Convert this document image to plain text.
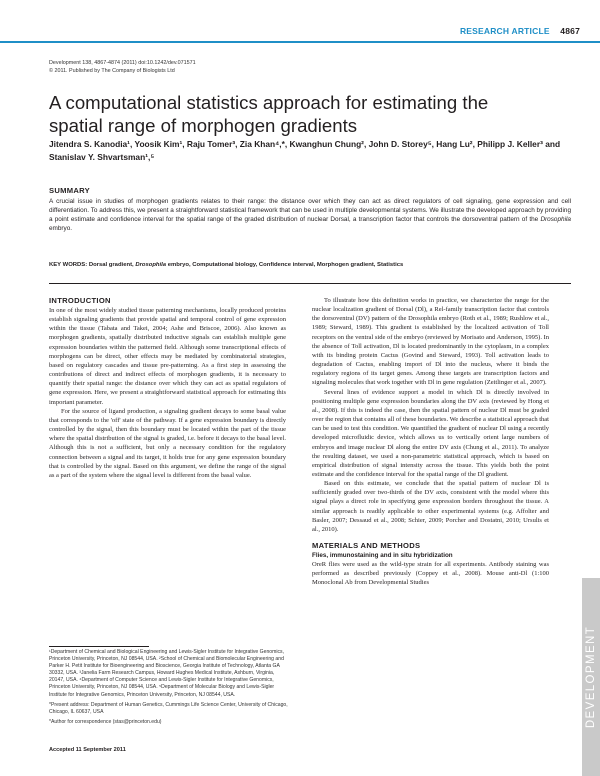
RESEARCH ARTICLE 4867
Development 138, 4867-4874 (2011) doi:10.1242/dev.071571
© 2011. Published by The Company of Biologists Ltd
A computational statistics approach for estimating the spatial range of morphogen gradients
Jitendra S. Kanodia¹, Yoosik Kim¹, Raju Tomer³, Zia Khan⁴,*, Kwanghun Chung², John D. Storey⁵, Hang Lu², Philipp J. Keller³ and Stanislav Y. Shvartsman¹,⁵
SUMMARY
A crucial issue in studies of morphogen gradients relates to their range: the distance over which they can act as direct regulators of cell signaling, gene expression and cell differentiation. To address this, we present a straightforward statistical framework that can be used in multiple developmental systems. We illustrate the developed approach by providing a point estimate and confidence interval for the spatial range of the graded distribution of nuclear Dorsal, a transcription factor that controls the dorsoventral pattern of the Drosophila embryo.
KEY WORDS: Dorsal gradient, Drosophila embryo, Computational biology, Confidence interval, Morphogen gradient, Statistics
INTRODUCTION

In one of the most widely studied tissue patterning mechanisms, locally produced proteins establish signaling gradients that provide spatial and temporal control of gene expression within the tissue (Tabata and Takei, 2004; Ashe and Briscoe, 2006). Also known as morphogen gradients, spatially distributed inductive signals can establish multiple gene expression boundaries within the patterned field. Although some transcriptional effects of morphogens can be direct, other effects may be mediated by combinatorial strategies, based on regulatory cascades and tissue pre-patterning. As a first step in assessing the contributions of direct and indirect effects of morphogen gradients, it is necessary to quantify their spatial range: the distance over which they can act as spatial regulators of gene expression. Here, we present a straightforward statistical approach for estimating this important parameter.

For the source of ligand production, a signaling gradient decays to some basal value that corresponds to the 'off' state of the pathway. If a gene expression boundary is directly controlled by the signal, then this boundary must be located within the part of the tissue where the spatial distribution of the signal is graded, i.e. before it decays to the basal level. Although this is not a sufficient, but only a necessary condition for the regulatory connection between a signal and its target, it holds true for any gene expression boundary that is controlled by the signal. Based on this argument, we define the range of the signal as a part of the system where the signal level is different from the basal value.

To illustrate how this definition works in practice, we characterize the range for the nuclear localization gradient of Dorsal (Dl), a Rel-family transcription factor that controls the dorsoventral (DV) pattern of the Drosophila embryo (Roth et al., 1989; Rushlow et al., 1989; Steward, 1989). This gradient is established by the localized activation of Toll receptors on the ventral side of the embryo (reviewed by Morisato and Anderson, 1995). In the absence of Toll activation, Dl is located predominantly in the cytoplasm, in a complex with its binding protein Cactus (Govind and Steward, 1993). Toll activation leads to degradation of Cactus, enabling import of Dl into the nucleus, where it binds the regulatory regions of its target genes. Among these targets are transcription factors and signaling molecules that work together with Dl in gene regulation (Zeitlinger et al., 2007).

Several lines of evidence support a model in which Dl is directly involved in positioning multiple gene expression boundaries along the DV axis (reviewed by Hong et al., 2008). If this is indeed the case, then the spatial pattern of nuclear Dl must be graded over the region that contains all of these boundaries. We describe a statistical approach that can be used to test this condition. We quantified the gradient of nuclear Dl using a recently developed microfluidic device, which allows us to vertically orient large numbers of embryos and image nuclear Dl along the entire DV axis (Chung et al., 2011). To analyze the resulting dataset, we used a non-parametric statistical approach, which is based on empirical distribution of signal intensity across the tissue. This yields both the point estimate and the confidence interval for the spatial range of the Dl gradient.

Based on this estimate, we conclude that the spatial pattern of nuclear Dl is sufficiently graded over two-thirds of the DV axis, consistent with the model where this signal plays a direct role in specifying gene expression borders throughout the tissue. A similar approach is readily applicable to other experimental systems (e.g. Affolter and Basler, 2007; Dessaud et al., 2008; Schier, 2009; Porcher and Dostatni, 2010; Ursulis et al., 2010).

MATERIALS AND METHODS
Flies, immunostaining and in situ hybridization

OreR flies were used as the wild-type strain for all experiments. Antibody staining was performed as described previously (Coppey et al., 2008). Mouse anti-Dl (1:100 Monoclonal Ab from Developmental Studies

¹Department of Chemical and Biological Engineering and Lewis-Sigler Institute for Integrative Genomics, Princeton University, Princeton, NJ 08544, USA. ²School of Chemical and Biomolecular Engineering and Parker H. Petit Institute for Bioengineering and Bioscience, Georgia Institute of Technology, Atlanta GA 30332, USA. ³Janelia Farm Research Campus, Howard Hughes Medical Institute, Ashburn, Virginia, 20147, USA. ⁴Department of Computer Science and Lewis-Sigler Institute for Integrative Genomics, Princeton University, Princeton, NJ 08544, USA. ⁵Department of Molecular Biology and Lewis-Sigler Institute for Integrative Genomics, Princeton University, Princeton, NJ 08544, USA.

*Present address: Department of Human Genetics, Cummings Life Science Center, University of Chicago, Chicago, IL 60637, USA

*Author for correspondence (stas@princeton.edu)

Accepted 11 September 2011
DEVELOPMENT
